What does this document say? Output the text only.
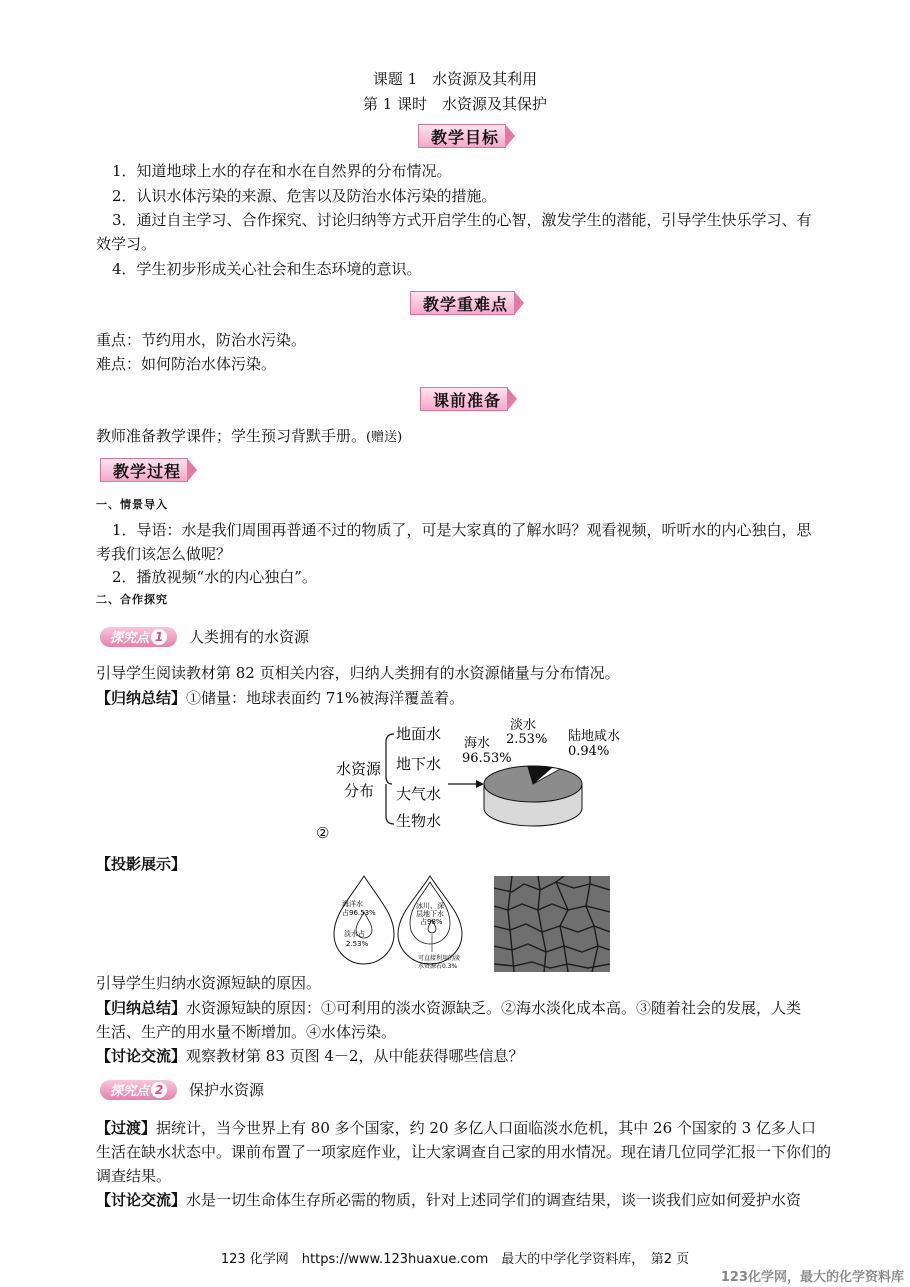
课题 1　水资源及其利用
第 1 课时　水资源及其保护
教学目标
1．知道地球上水的存在和水在自然界的分布情况。
2．认识水体污染的来源、危害以及防治水体污染的措施。
3．通过自主学习、合作探究、讨论归纳等方式开启学生的心智，激发学生的潜能，引导学生快乐学习、有
效学习。
4．学生初步形成关心社会和生态环境的意识。
教学重难点
重点：节约用水，防治水污染。
难点：如何防治水体污染。
课前准备
教师准备教学课件；学生预习背默手册。(赠送)
教学过程
一、情景导入
1．导语：水是我们周围再普通不过的物质了，可是大家真的了解水吗？观看视频，听听水的内心独白，思
考我们该怎么做呢？
2．播放视频“水的内心独白”。
二、合作探究
探究点 1 人类拥有的水资源
引导学生阅读教材第 82 页相关内容，归纳人类拥有的水资源储量与分布情况。
【归纳总结】①储量：地球表面约 71%被海洋覆盖着。
水资源
分布
地面水
地下水
大气水
生物水
海水
96.53%
淡水
2.53% 陆地咸水
0.94%
②
【投影展示】
海洋水
占96.53%
淡水占
2.53%
冰川、深
层地下水
占98%
可直接利用的淡
水资源占0.3%
引导学生归纳水资源短缺的原因。
【归纳总结】水资源短缺的原因：①可利用的淡水资源缺乏。②海水淡化成本高。③随着社会的发展，人类
生活、生产的用水量不断增加。④水体污染。
【讨论交流】观察教材第 83 页图 4－2，从中能获得哪些信息？
探究点 2 保护水资源
【过渡】据统计，当今世界上有 80 多个国家，约 20 多亿人口面临淡水危机，其中 26 个国家的 3 亿多人口
生活在缺水状态中。课前布置了一项家庭作业，让大家调查自己家的用水情况。现在请几位同学汇报一下你们的
调查结果。
【讨论交流】水是一切生命体生存所必需的物质，针对上述同学们的调查结果，谈一谈我们应如何爱护水资
123 化学网　https://www.123huaxue.com　最大的中学化学资料库，　第2 页
123化学网，最大的化学资料库
